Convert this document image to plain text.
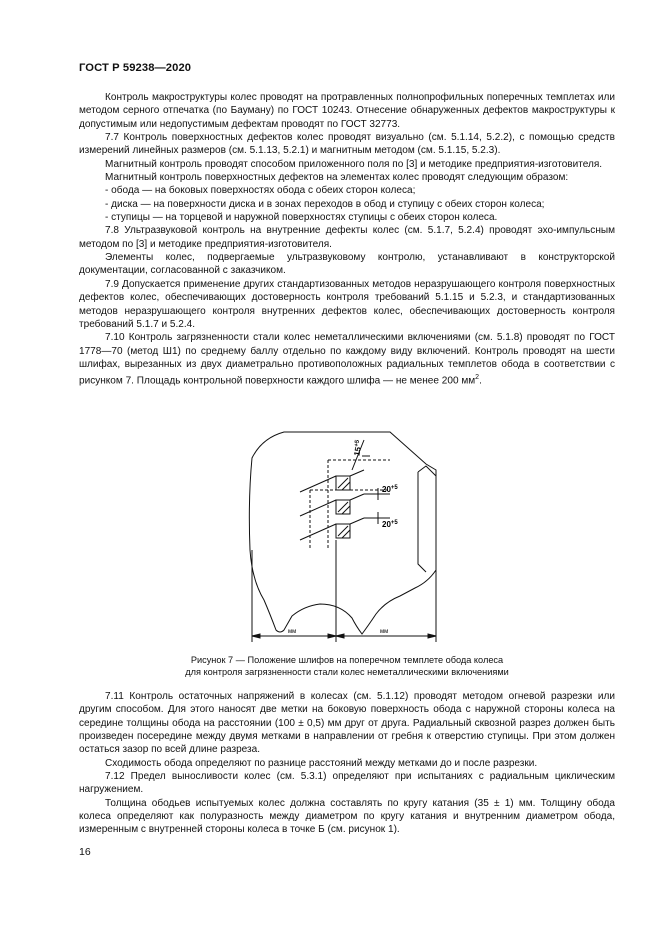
ГОСТ Р 59238—2020

Контроль макроструктуры колес проводят на протравленных полнопрофильных поперечных темплетах или методом серного отпечатка (по Бауману) по ГОСТ 10243. Отнесение обнаруженных дефектов макроструктуры к допустимым или недопустимым дефектам проводят по ГОСТ 32773.

7.7 Контроль поверхностных дефектов колес проводят визуально (см. 5.1.14, 5.2.2), с помощью средств измерений линейных размеров (см. 5.1.13, 5.2.1) и магнитным методом (см. 5.1.15, 5.2.3).

Магнитный контроль проводят способом приложенного поля по [3] и методике предприятия-изготовителя.

Магнитный контроль поверхностных дефектов на элементах колес проводят следующим образом:

- обода — на боковых поверхностях обода с обеих сторон колеса;

- диска — на поверхности диска и в зонах переходов в обод и ступицу с обеих сторон колеса;

- ступицы — на торцевой и наружной поверхностях ступицы с обеих сторон колеса.

7.8 Ультразвуковой контроль на внутренние дефекты колес (см. 5.1.7, 5.2.4) проводят эхо-импульсным методом по [3] и методике предприятия-изготовителя.

Элементы колес, подвергаемые ультразвуковому контролю, устанавливают в конструкторской документации, согласованной с заказчиком.

7.9 Допускается применение других стандартизованных методов неразрушающего контроля поверхностных дефектов колес, обеспечивающих достоверность контроля требований 5.1.15 и 5.2.3, и стандартизованных методов неразрушающего контроля внутренних дефектов колес, обеспечивающих достоверность контроля требований 5.1.7 и 5.2.4.

7.10 Контроль загрязненности стали колес неметаллическими включениями (см. 5.1.8) проводят по ГОСТ 1778—70 (метод Ш1) по среднему баллу отдельно по каждому виду включений. Контроль проводят на шести шлифах, вырезанных из двух диаметрально противоположных радиальных темплетов обода в соответствии с рисунком 7. Площадь контрольной поверхности каждого шлифа — не менее 200 $мм^2$.

$15^{+5}$
$20^{+5}$
$20^{+5}$
мм	мм
Рисунок 7 — Положение шлифов на поперечном темплете обода колеса
для контроля загрязненности стали колес неметаллическими включениями

7.11 Контроль остаточных напряжений в колесах (см. 5.1.12) проводят методом огневой разрезки или другим способом. Для этого наносят две метки на боковую поверхность обода с наружной стороны колеса на середине толщины обода на расстоянии (100 ± 0,5) мм друг от друга. Радиальный сквозной разрез должен быть произведен посередине между двумя метками в направлении от гребня к отверстию ступицы. При этом должен остаться зазор по всей длине разреза.

Сходимость обода определяют по разнице расстояний между метками до и после разрезки.

7.12 Предел выносливости колес (см. 5.3.1) определяют при испытаниях с радиальным циклическим нагружением.

Толщина ободьев испытуемых колес должна составлять по кругу катания (35 ± 1) мм. Толщину обода колеса определяют как полуразность между диаметром по кругу катания и внутренним диаметром обода, измеренным с внутренней стороны колеса в точке Б (см. рисунок 1).

16
